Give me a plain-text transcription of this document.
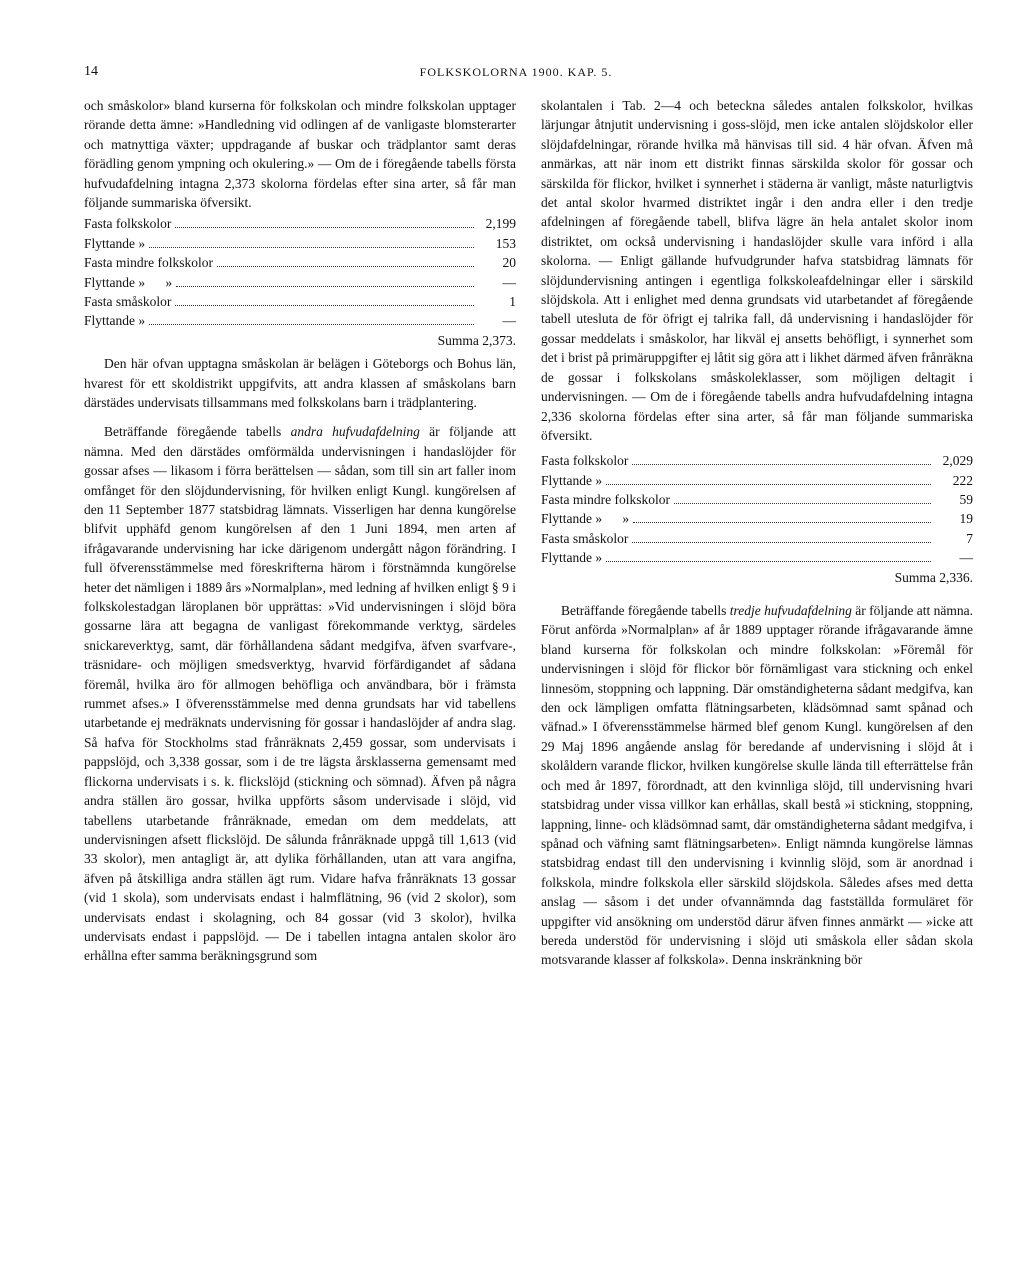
14	FOLKSKOLORNA 1900. KAP. 5.

och småskolor» bland kurserna för folkskolan och mindre folkskolan upptager rörande detta ämne: »Handledning vid odlingen af de vanligaste blomsterarter och matnyttiga växter; uppdragande af buskar och trädplantor samt deras förädling genom ympning och okulering.» — Om de i föregående tabells första hufvudafdelning intagna 2,373 skolorna fördelas efter sina arter, så får man följande summariska öfversikt.

Fasta folkskolor	2,199
Flyttande »	153
Fasta mindre folkskolor	20
Flyttande »      »	—
Fasta småskolor	1
Flyttande »	—
Summa 2,373.

Den här ofvan upptagna småskolan är belägen i Göteborgs och Bohus län, hvarest för ett skoldistrikt uppgifvits, att andra klassen af småskolans barn därstädes undervisats tillsammans med folkskolans barn i trädplantering.

Beträffande föregående tabells andra hufvudafdelning är följande att nämna. Med den därstädes omförmälda undervisningen i handaslöjder för gossar afses — likasom i förra berättelsen — sådan, som till sin art faller inom omfånget för den slöjdundervisning, för hvilken enligt Kungl. kungörelsen af den 11 September 1877 statsbidrag lämnats. Visserligen har denna kungörelse blifvit upphäfd genom kungörelsen af den 1 Juni 1894, men arten af ifrågavarande undervisning har icke därigenom undergått någon förändring. I full öfverensstämmelse med föreskrifterna härom i förstnämnda kungörelse heter det nämligen i 1889 års »Normalplan», med ledning af hvilken enligt § 9 i folkskolestadgan läroplanen bör upprättas: »Vid undervisningen i slöjd böra gossarne lära att begagna de vanligast förekommande verktyg, särdeles snickareverktyg, samt, där förhållandena sådant medgifva, äfven svarfvare-, träsnidare- och möjligen smedsverktyg, hvarvid förfärdigandet af sådana föremål, hvilka äro för allmogen behöfliga och användbara, bör i främsta rummet afses.» I öfverensstämmelse med denna grundsats har vid tabellens utarbetande ej medräknats undervisning för gossar i handaslöjder af andra slag. Så hafva för Stockholms stad frånräknats 2,459 gossar, som undervisats i pappslöjd, och 3,338 gossar, som i de tre lägsta årsklasserna gemensamt med flickorna undervisats i s. k. flickslöjd (stickning och sömnad). Äfven på några andra ställen äro gossar, hvilka uppförts såsom undervisade i slöjd, vid tabellens utarbetande frånräknade, emedan om dem meddelats, att undervisningen afsett flickslöjd. De sålunda frånräknade uppgå till 1,613 (vid 33 skolor), men antagligt är, att dylika förhållanden, utan att vara angifna, äfven på åtskilliga andra ställen ägt rum. Vidare hafva frånräknats 13 gossar (vid 1 skola), som undervisats endast i halmflätning, 96 (vid 2 skolor), som undervisats endast i skolagning, och 84 gossar (vid 3 skolor), hvilka undervisats endast i pappslöjd. — De i tabellen intagna antalen skolor äro erhållna efter samma beräkningsgrund som

skolantalen i Tab. 2—4 och beteckna således antalen folkskolor, hvilkas lärjungar åtnjutit undervisning i goss-slöjd, men icke antalen slöjdskolor eller slöjdafdelningar, rörande hvilka må hänvisas till sid. 4 här ofvan. Äfven må anmärkas, att när inom ett distrikt finnas särskilda skolor för gossar och särskilda för flickor, hvilket i synnerhet i städerna är vanligt, måste naturligtvis det antal skolor hvarmed distriktet ingår i den andra eller i den tredje afdelningen af föregående tabell, blifva lägre än hela antalet skolor inom distriktet, om också undervisning i handaslöjder skulle vara införd i alla skolorna. — Enligt gällande hufvudgrunder hafva statsbidrag lämnats för slöjdundervisning antingen i egentliga folkskoleafdelningar eller i särskild slöjdskola. Att i enlighet med denna grundsats vid utarbetandet af föregående tabell utesluta de för öfrigt ej talrika fall, då undervisning i handaslöjder för gossar meddelats i småskolor, har likväl ej ansetts behöfligt, i synnerhet som det i brist på primäruppgifter ej låtit sig göra att i likhet därmed äfven frånräkna de gossar i folkskolans småskoleklasser, som möjligen deltagit i undervisningen. — Om de i föregående tabells andra hufvudafdelning intagna 2,336 skolorna fördelas efter sina arter, så får man följande summariska öfversikt.

Fasta folkskolor	2,029
Flyttande »	222
Fasta mindre folkskolor	59
Flyttande »      »	19
Fasta småskolor	7
Flyttande »	—
Summa 2,336.

Beträffande föregående tabells tredje hufvudafdelning är följande att nämna. Förut anförda »Normalplan» af år 1889 upptager rörande ifrågavarande ämne bland kurserna för folkskolan och mindre folkskolan: »Föremål för undervisningen i slöjd för flickor bör förnämligast vara stickning och enkel linnesöm, stoppning och lappning. Där omständigheterna sådant medgifva, kan den ock lämpligen omfatta flätningsarbeten, klädsömnad samt spånad och väfnad.» I öfverensstämmelse härmed blef genom Kungl. kungörelsen af den 29 Maj 1896 angående anslag för beredande af undervisning i slöjd åt i skolåldern varande flickor, hvilken kungörelse skulle lända till efterrättelse från och med år 1897, förordnadt, att den kvinnliga slöjd, till undervisning hvari statsbidrag under vissa villkor kan erhållas, skall bestå »i stickning, stoppning, lappning, linne- och klädsömnad samt, där omständigheterna sådant medgifva, i spånad och väfning samt flätningsarbeten». Enligt nämnda kungörelse lämnas statsbidrag endast till den undervisning i kvinnlig slöjd, som är anordnad i folkskola, mindre folkskola eller särskild slöjdskola. Således afses med detta anslag — såsom i det under ofvannämnda dag fastställda formuläret för uppgifter vid ansökning om understöd därur äfven finnes anmärkt — »icke att bereda understöd för undervisning i slöjd uti småskola eller sådan skola motsvarande klasser af folkskola». Denna inskränkning bör
